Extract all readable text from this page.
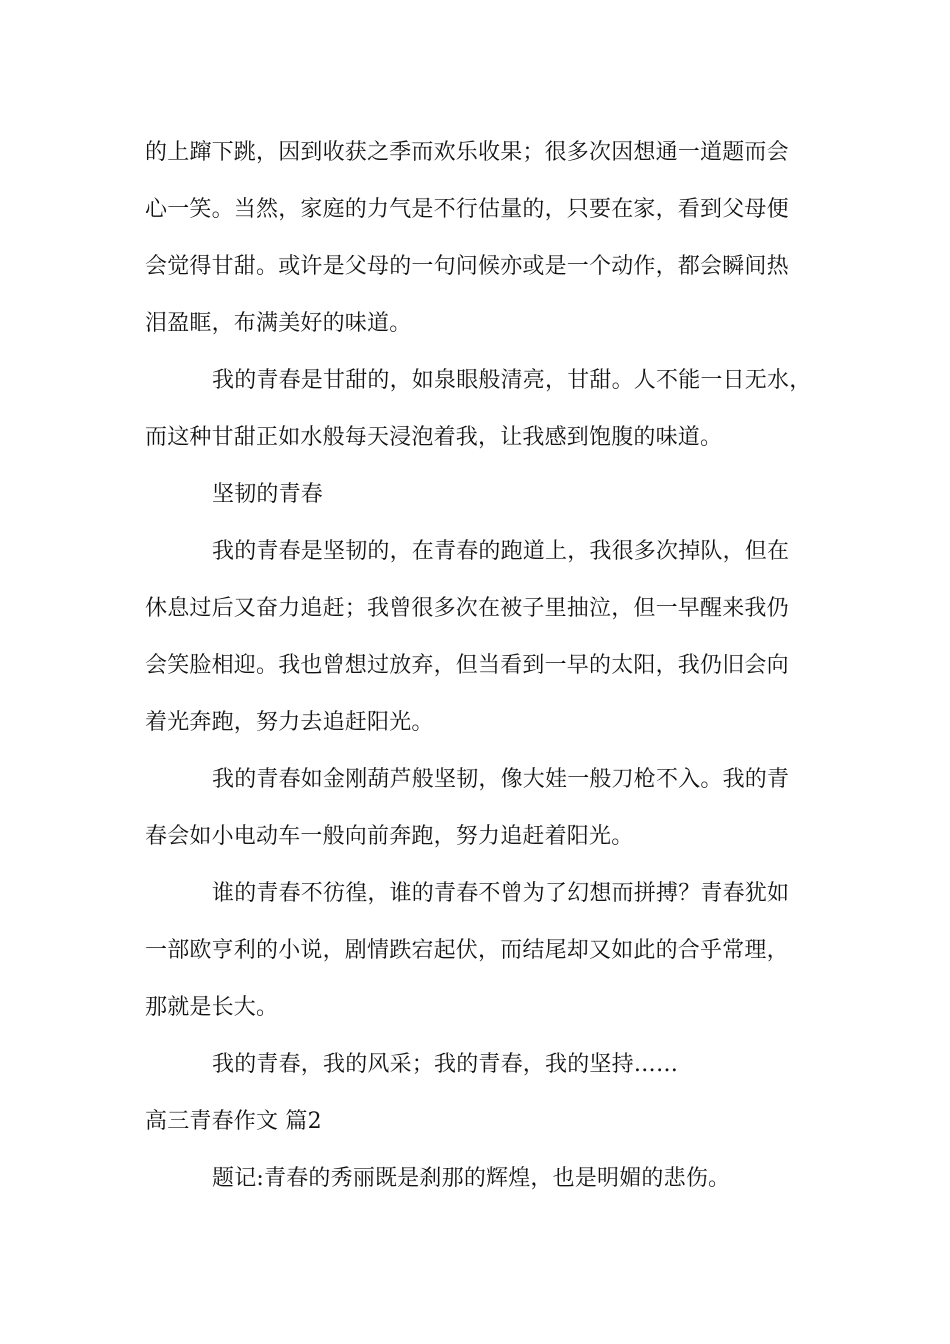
的上蹿下跳，因到收获之季而欢乐收果；很多次因想通一道题而会
心一笑。当然，家庭的力气是不行估量的，只要在家，看到父母便
会觉得甘甜。或许是父母的一句问候亦或是一个动作，都会瞬间热
泪盈眶，布满美好的味道。
我的青春是甘甜的，如泉眼般清亮，甘甜。人不能一日无水，
而这种甘甜正如水般每天浸泡着我，让我感到饱腹的味道。
坚韧的青春
我的青春是坚韧的，在青春的跑道上，我很多次掉队，但在
休息过后又奋力追赶；我曾很多次在被子里抽泣，但一早醒来我仍
会笑脸相迎。我也曾想过放弃，但当看到一早的太阳，我仍旧会向
着光奔跑，努力去追赶阳光。
我的青春如金刚葫芦般坚韧，像大娃一般刀枪不入。我的青
春会如小电动车一般向前奔跑，努力追赶着阳光。
谁的青春不彷徨，谁的青春不曾为了幻想而拼搏？青春犹如
一部欧亨利的小说，剧情跌宕起伏，而结尾却又如此的合乎常理，
那就是长大。
我的青春，我的风采；我的青春，我的坚持……
高三青春作文 篇2
题记:青春的秀丽既是刹那的辉煌，也是明媚的悲伤。
